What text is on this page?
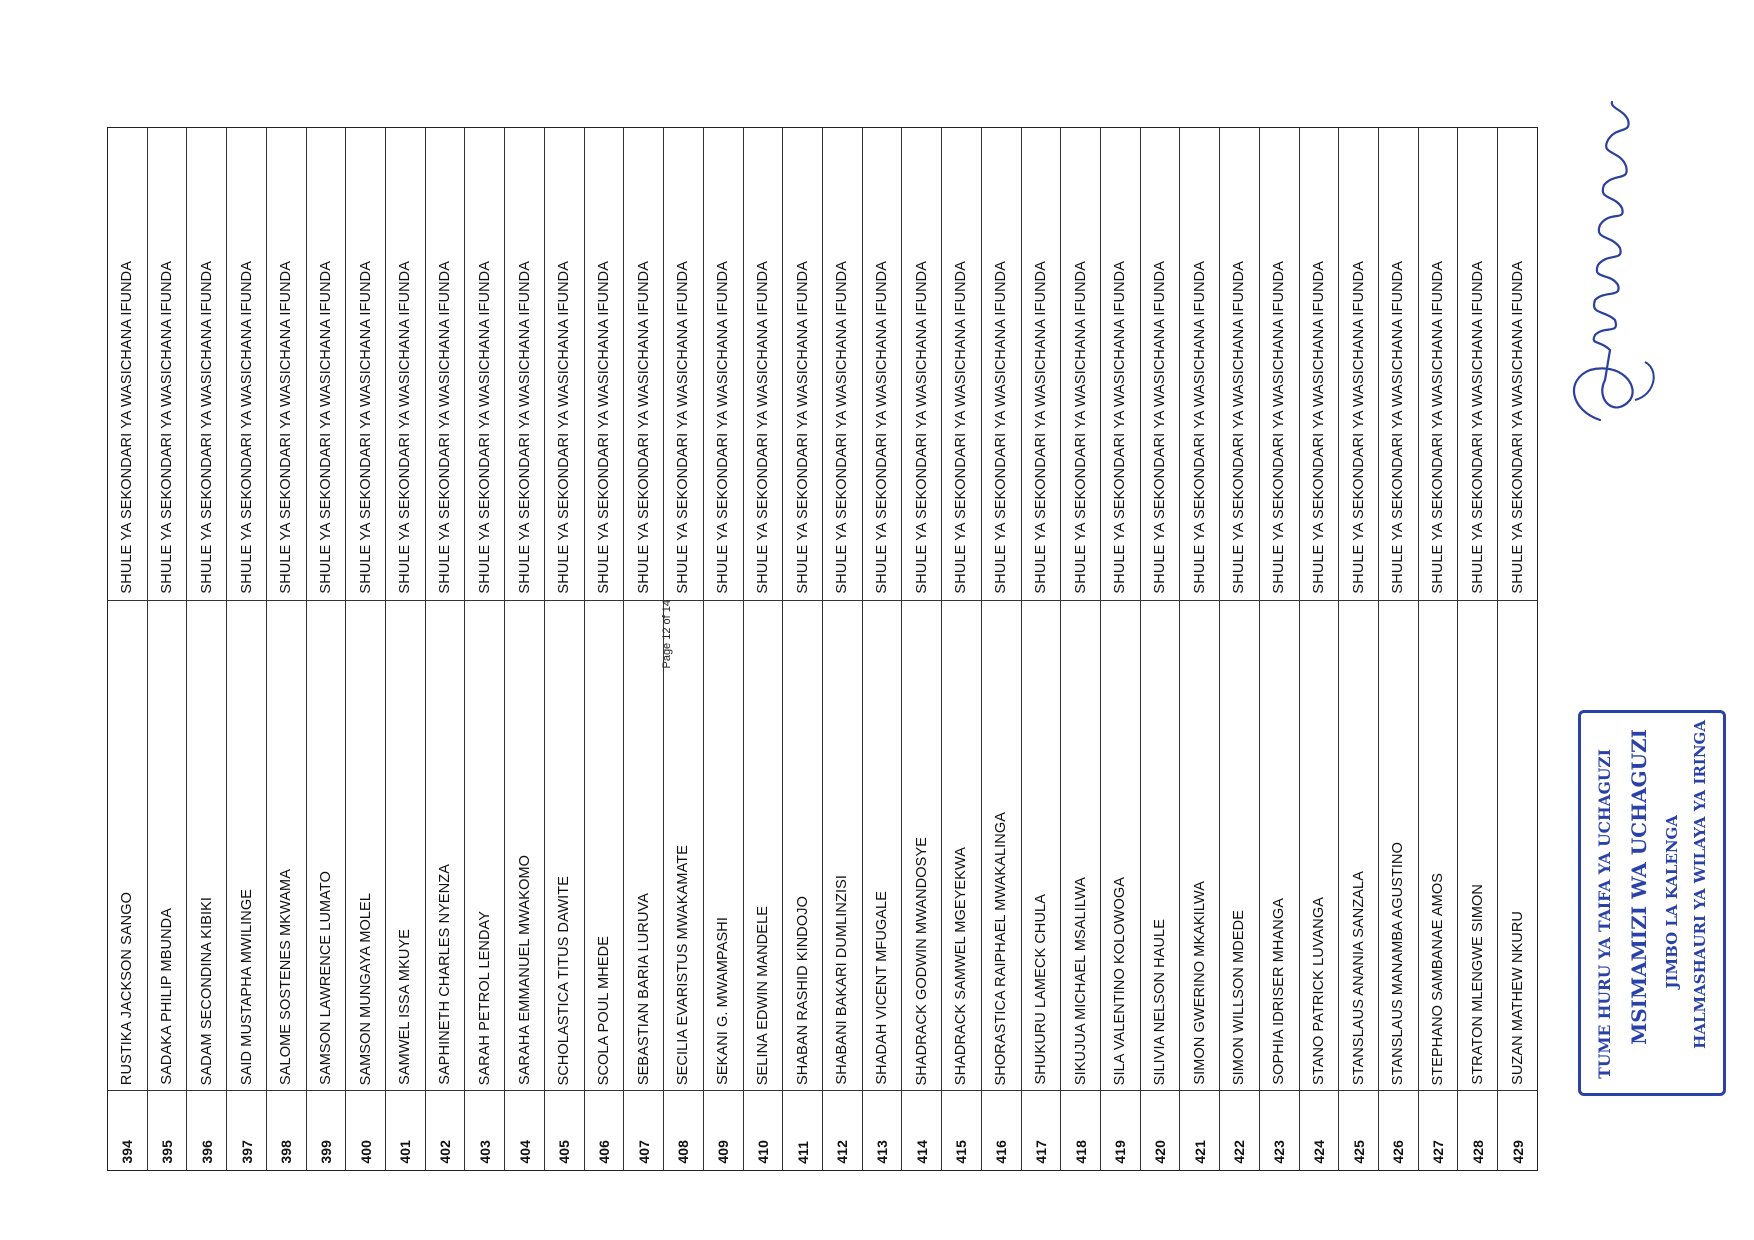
SHULE YA SEKONDARI YA WASICHANA IFUNDA
RUSTIKA JACKSON SANGO
394
SHULE YA SEKONDARI YA WASICHANA IFUNDA
SADAKA PHILIP MBUNDA
395
SHULE YA SEKONDARI YA WASICHANA IFUNDA
SADAM SECONDINA KIBIKI
396
SHULE YA SEKONDARI YA WASICHANA IFUNDA
SAID MUSTAPHA MWILINGE
397
SHULE YA SEKONDARI YA WASICHANA IFUNDA
SALOME SOSTENES MKWAMA
398
SHULE YA SEKONDARI YA WASICHANA IFUNDA
SAMSON LAWRENCE LUMATO
399
SHULE YA SEKONDARI YA WASICHANA IFUNDA
SAMSON MUNGAYA MOLEL
400
SHULE YA SEKONDARI YA WASICHANA IFUNDA
SAMWEL ISSA MKUYE
401
SHULE YA SEKONDARI YA WASICHANA IFUNDA
SAPHINETH CHARLES NYENZA
402
SHULE YA SEKONDARI YA WASICHANA IFUNDA
SARAH PETROL LENDAY
403
SHULE YA SEKONDARI YA WASICHANA IFUNDA
SARAHA EMMANUEL MWAKOMO
404
SHULE YA SEKONDARI YA WASICHANA IFUNDA
SCHOLASTICA TITUS DAWITE
405
SHULE YA SEKONDARI YA WASICHANA IFUNDA
SCOLA POUL MHEDE
406
SHULE YA SEKONDARI YA WASICHANA IFUNDA
SEBASTIAN BARIA LURUVA
407
SHULE YA SEKONDARI YA WASICHANA IFUNDA
SECILIA EVARISTUS MWAKAMATE
408
SHULE YA SEKONDARI YA WASICHANA IFUNDA
SEKANI G. MWAMPASHI
409
SHULE YA SEKONDARI YA WASICHANA IFUNDA
SELINA EDWIN MANDELE
410
SHULE YA SEKONDARI YA WASICHANA IFUNDA
SHABAN RASHID KINDOJO
411
SHULE YA SEKONDARI YA WASICHANA IFUNDA
SHABANI BAKARI DUMLINZISI
412
SHULE YA SEKONDARI YA WASICHANA IFUNDA
SHADAH VICENT MFUGALE
413
SHULE YA SEKONDARI YA WASICHANA IFUNDA
SHADRACK GODWIN MWANDOSYE
414
SHULE YA SEKONDARI YA WASICHANA IFUNDA
SHADRACK SAMWEL MGEYEKWA
415
SHULE YA SEKONDARI YA WASICHANA IFUNDA
SHORASTICA RAIPHAEL MWAKALINGA
416
SHULE YA SEKONDARI YA WASICHANA IFUNDA
SHUKURU LAMECK CHULA
417
SHULE YA SEKONDARI YA WASICHANA IFUNDA
SIKUJUA MICHAEL MSALILWA
418
SHULE YA SEKONDARI YA WASICHANA IFUNDA
SILA VALENTINO KOLOWOGA
419
SHULE YA SEKONDARI YA WASICHANA IFUNDA
SILIVIA NELSON HAULE
420
SHULE YA SEKONDARI YA WASICHANA IFUNDA
SIMON GWERINO MKAKILWA
421
SHULE YA SEKONDARI YA WASICHANA IFUNDA
SIMON WILLSON MDEDE
422
SHULE YA SEKONDARI YA WASICHANA IFUNDA
SOPHIA IDRISER MHANGA
423
SHULE YA SEKONDARI YA WASICHANA IFUNDA
STANO PATRICK LUVANGA
424
SHULE YA SEKONDARI YA WASICHANA IFUNDA
STANSLAUS ANANIA SANZALA
425
SHULE YA SEKONDARI YA WASICHANA IFUNDA
STANSLAUS MANAMBA AGUSTINO
426
SHULE YA SEKONDARI YA WASICHANA IFUNDA
STEPHANO SAMBANAE AMOS
427
SHULE YA SEKONDARI YA WASICHANA IFUNDA
STRATON MLENGWE SIMON
428
SHULE YA SEKONDARI YA WASICHANA IFUNDA
SUZAN MATHEW NKURU
429
Page 12 of 14
TUME HURU YA TAIFA YA UCHAGUZI MSIMAMIZI WA UCHAGUZI JIMBO LA KALENGA HALMASHAURI YA WILAYA YA IRINGA
